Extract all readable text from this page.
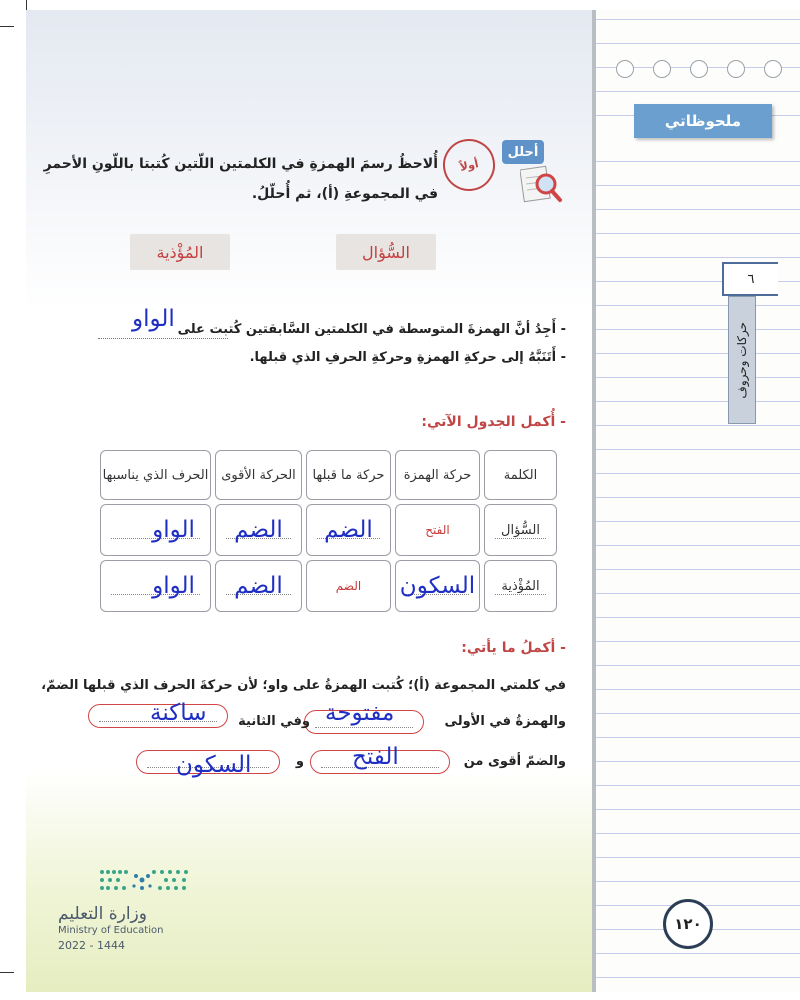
ملحوظاتي
٦
حركات وحروف
أحلل
أولاً
أُلاحظُ رسمَ الهمزةِ في الكلمتين اللّتين كُتبتا باللّونِ الأحمرِ
في المجموعةِ (أ)، ثم أُحلّلُ.
السُّؤال
المُؤْذية
- أَجِدُ أنَّ الهمزةَ المتوسطة في الكلمتين السَّابقتين كُتبت على
الواو
- أَتَنَبَّهُ إلى حركةِ الهمزةِ وحركةِ الحرفِ الذي قبلها.
- أُكمل الجدول الآتي:
الكلمة
حركة الهمزة
حركة ما قبلها
الحركة الأقوى
الحرف الذي يناسبها
السُّؤال
الفتح
الضم
الضم
الواو
المُؤْذية
السكون
الضم
الضم
الواو
- أكملُ ما يأتي:
في كلمتي المجموعة (أ)؛ كُتبت الهمزةُ على واو؛ لأن حركةَ الحرف الذي قبلها الضمّ،
والهمزةُ في الأولى
مفتوحة
وفي الثانية
ساكنة
والضمّ أقوى من
الفتح
و
السكون
وزارة التعليم
Ministry of Education
2022 - 1444
١٢٠
